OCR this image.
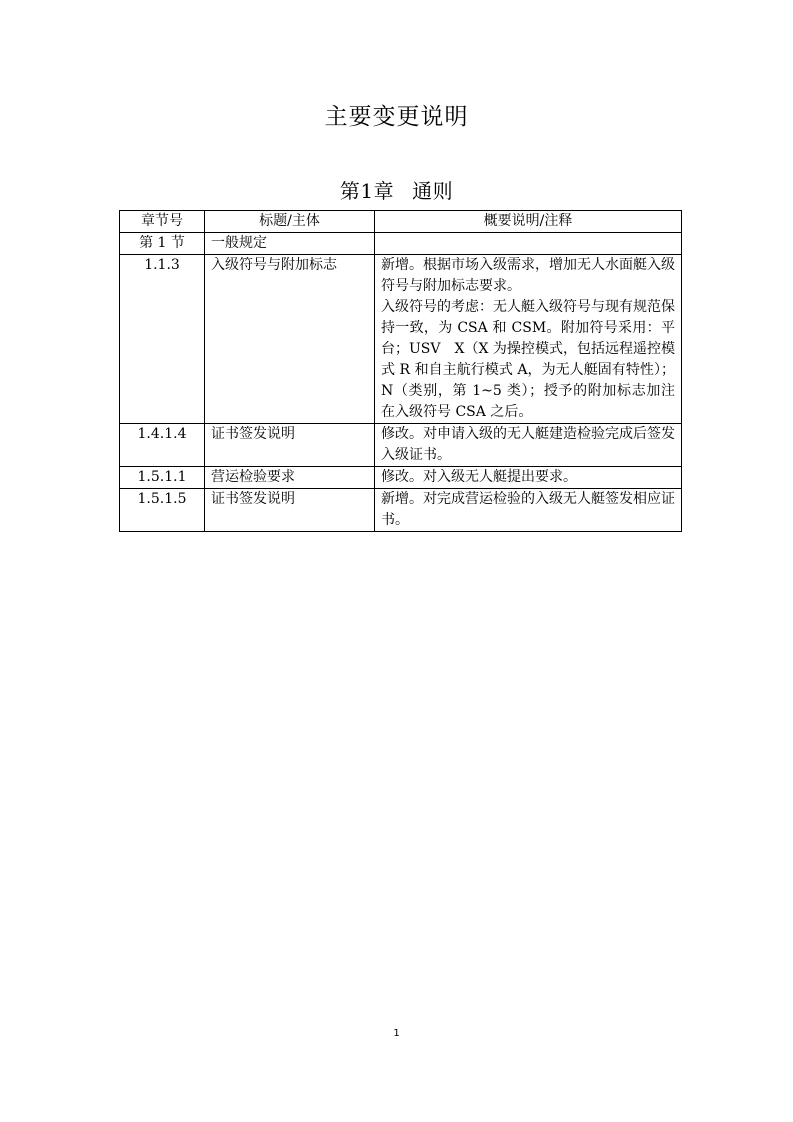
主要变更说明
第1章 通则
章节号	标题/主体	概要说明/注释
第 1 节	一般规定	
1.1.3	入级符号与附加标志	新增。根据市场入级需求，增加无人水面艇入级符号与附加标志要求。
入级符号的考虑：无人艇入级符号与现有规范保持一致，为 CSA 和 CSM。附加符号采用：平台；USV　X（X 为操控模式，包括远程遥控模式 R 和自主航行模式 A，为无人艇固有特性）；N（类别，第 1~5 类）；授予的附加标志加注在入级符号 CSA 之后。

1.4.1.4	证书签发说明	修改。对申请入级的无人艇建造检验完成后签发入级证书。

1.5.1.1	营运检验要求	修改。对入级无人艇提出要求。

1.5.1.5	证书签发说明	新增。对完成营运检验的入级无人艇签发相应证书。
1
